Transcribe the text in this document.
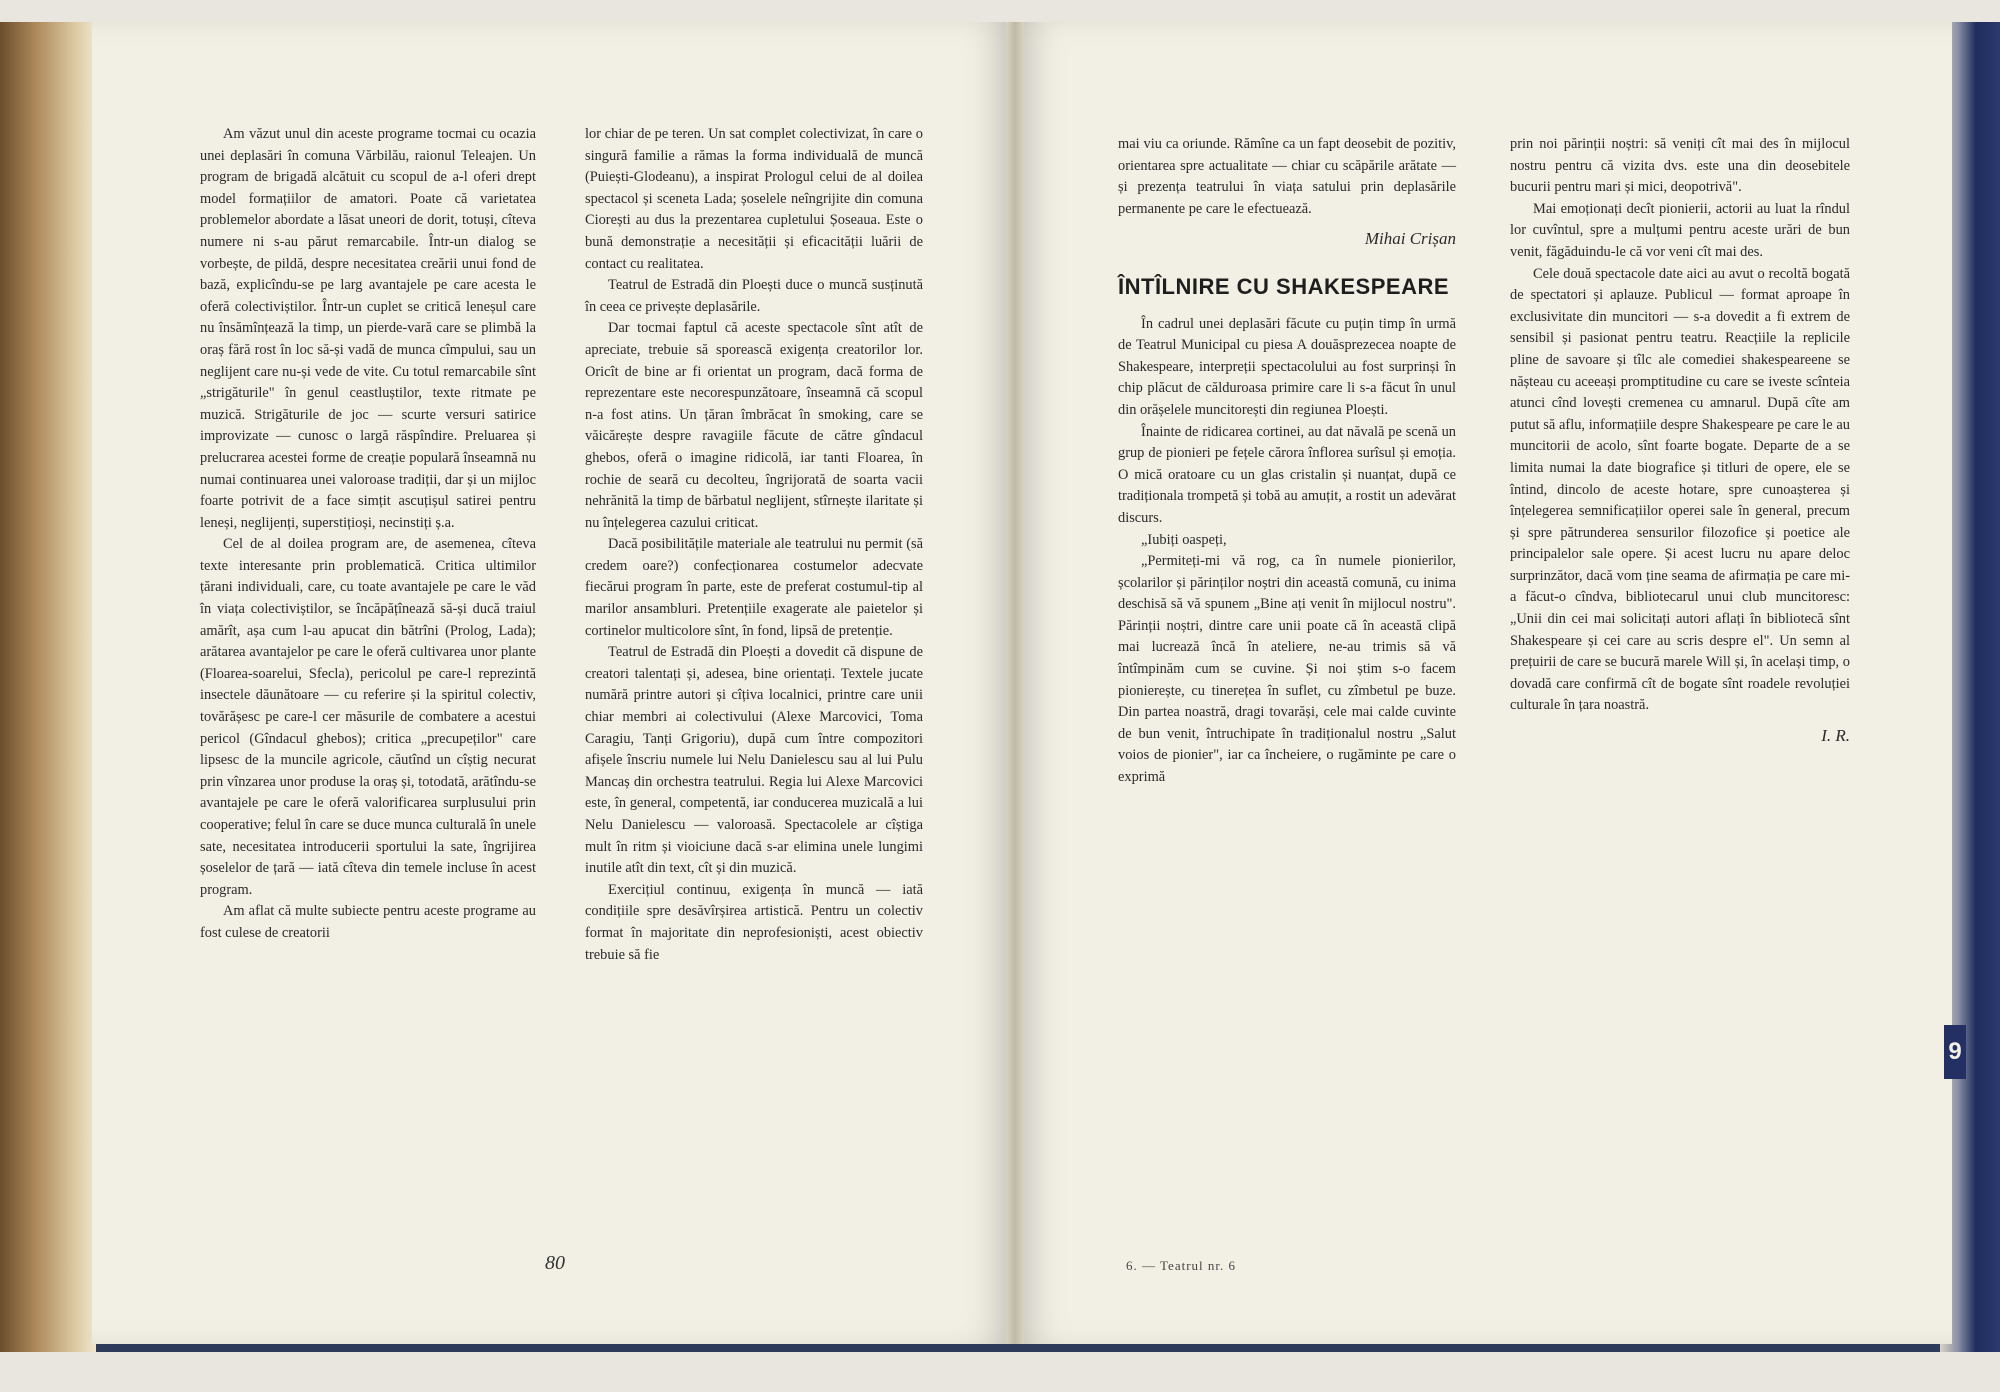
Am văzut unul din aceste programe tocmai cu ocazia unei deplasări în comuna Vărbilău, raionul Teleajen. Un program de brigadă alcătuit cu scopul de a-l oferi drept model formațiilor de amatori. Poate că varietatea problemelor abordate a lăsat uneori de dorit, totuși, cîteva numere ni s-au părut remarcabile. Într-un dialog se vorbește, de pildă, despre necesitatea creării unui fond de bază, explicîndu-se pe larg avantajele pe care acesta le oferă colectiviștilor. Într-un cuplet se critică leneșul care nu însămînțează la timp, un pierde-vară care se plimbă la oraș fără rost în loc să-și vadă de munca cîmpului, sau un neglijent care nu-și vede de vite. Cu totul remarcabile sînt „strigăturile" în genul ceastluștilor, texte ritmate pe muzică. Strigăturile de joc — scurte versuri satirice improvizate — cunosc o largă răspîndire. Preluarea și prelucrarea acestei forme de creație populară înseamnă nu numai continuarea unei valoroase tradiții, dar și un mijloc foarte potrivit de a face simțit ascuțișul satirei pentru leneși, neglijenți, superstițioși, necinstiți ș.a.

Cel de al doilea program are, de asemenea, cîteva texte interesante prin problematică. Critica ultimilor țărani individuali, care, cu toate avantajele pe care le văd în viața colectiviștilor, se încăpățînează să-și ducă traiul amărît, așa cum l-au apucat din bătrîni (Prolog, Lada); arătarea avantajelor pe care le oferă cultivarea unor plante (Floarea-soarelui, Sfecla), pericolul pe care-l reprezintă insectele dăunătoare — cu referire și la spiritul colectiv, tovărășesc pe care-l cer măsurile de combatere a acestui pericol (Gîndacul ghebos); critica „precupeților" care lipsesc de la muncile agricole, căutînd un cîștig necurat prin vînzarea unor produse la oraș și, totodată, arătîndu-se avantajele pe care le oferă valorificarea surplusului prin cooperative; felul în care se duce munca culturală în unele sate, necesitatea introducerii sportului la sate, îngrijirea șoselelor de țară — iată cîteva din temele incluse în acest program.

Am aflat că multe subiecte pentru aceste programe au fost culese de creatorii

lor chiar de pe teren. Un sat complet colectivizat, în care o singură familie a rămas la forma individuală de muncă (Puiești-Glodeanu), a inspirat Prologul celui de al doilea spectacol și sceneta Lada; șoselele neîngrijite din comuna Ciorești au dus la prezentarea cupletului Șoseaua. Este o bună demonstrație a necesității și eficacității luării de contact cu realitatea.

Teatrul de Estradă din Ploești duce o muncă susținută în ceea ce privește deplasările.

Dar tocmai faptul că aceste spectacole sînt atît de apreciate, trebuie să sporească exigența creatorilor lor. Oricît de bine ar fi orientat un program, dacă forma de reprezentare este necorespunzătoare, înseamnă că scopul n-a fost atins. Un țăran îmbrăcat în smoking, care se văicărește despre ravagiile făcute de către gîndacul ghebos, oferă o imagine ridicolă, iar tanti Floarea, în rochie de seară cu decolteu, îngrijorată de soarta vacii nehrănită la timp de bărbatul neglijent, stîrnește ilaritate și nu înțelegerea cazului criticat.

Dacă posibilitățile materiale ale teatrului nu permit (să credem oare?) confecționarea costumelor adecvate fiecărui program în parte, este de preferat costumul-tip al marilor ansambluri. Pretențiile exagerate ale paietelor și cortinelor multicolore sînt, în fond, lipsă de pretenție.

Teatrul de Estradă din Ploești a dovedit că dispune de creatori talentați și, adesea, bine orientați. Textele jucate numără printre autori și cîțiva localnici, printre care unii chiar membri ai colectivului (Alexe Marcovici, Toma Caragiu, Tanți Grigoriu), după cum între compozitori afișele înscriu numele lui Nelu Danielescu sau al lui Pulu Mancaș din orchestra teatrului. Regia lui Alexe Marcovici este, în general, competentă, iar conducerea muzicală a lui Nelu Danielescu — valoroasă. Spectacolele ar cîștiga mult în ritm și vioiciune dacă s-ar elimina unele lungimi inutile atît din text, cît și din muzică.

Exercițiul continuu, exigența în muncă — iată condițiile spre desăvîrșirea artistică. Pentru un colectiv format în majoritate din neprofesioniști, acest obiectiv trebuie să fie

80

mai viu ca oriunde. Rămîne ca un fapt deosebit de pozitiv, orientarea spre actualitate — chiar cu scăpările arătate — și prezența teatrului în viața satului prin deplasările permanente pe care le efectuează.

Mihai Crișan
ÎNTÎLNIRE CU SHAKESPEARE

În cadrul unei deplasări făcute cu puțin timp în urmă de Teatrul Municipal cu piesa A douăsprezecea noapte de Shakespeare, interpreții spectacolului au fost surprinși în chip plăcut de călduroasa primire care li s-a făcut în unul din orășelele muncitorești din regiunea Ploești.

Înainte de ridicarea cortinei, au dat năvală pe scenă un grup de pionieri pe fețele cărora înflorea surîsul și emoția. O mică oratoare cu un glas cristalin și nuanțat, după ce tradiționala trompetă și tobă au amuțit, a rostit un adevărat discurs.

„Iubiți oaspeți,

„Permiteți-mi vă rog, ca în numele pionierilor, școlarilor și părinților noștri din această comună, cu inima deschisă să vă spunem „Bine ați venit în mijlocul nostru". Părinții noștri, dintre care unii poate că în această clipă mai lucrează încă în ateliere, ne-au trimis să vă întîmpinăm cum se cuvine. Și noi știm s-o facem pionierește, cu tinerețea în suflet, cu zîmbetul pe buze. Din partea noastră, dragi tovarăși, cele mai calde cuvinte de bun venit, întruchipate în tradiționalul nostru „Salut voios de pionier", iar ca încheiere, o rugăminte pe care o exprimă

prin noi părinții noștri: să veniți cît mai des în mijlocul nostru pentru că vizita dvs. este una din deosebitele bucurii pentru mari și mici, deopotrivă".

Mai emoționați decît pionierii, actorii au luat la rîndul lor cuvîntul, spre a mulțumi pentru aceste urări de bun venit, făgăduindu-le că vor veni cît mai des.

Cele două spectacole date aici au avut o recoltă bogată de spectatori și aplauze. Publicul — format aproape în exclusivitate din muncitori — s-a dovedit a fi extrem de sensibil și pasionat pentru teatru. Reacțiile la replicile pline de savoare și tîlc ale comediei shakespeareene se nășteau cu aceeași promptitudine cu care se iveste scînteia atunci cînd lovești cremenea cu amnarul. După cîte am putut să aflu, informațiile despre Shakespeare pe care le au muncitorii de acolo, sînt foarte bogate. Departe de a se limita numai la date biografice și titluri de opere, ele se întind, dincolo de aceste hotare, spre cunoașterea și înțelegerea semnificațiilor operei sale în general, precum și spre pătrunderea sensurilor filozofice și poetice ale principalelor sale opere. Și acest lucru nu apare deloc surprinzător, dacă vom ține seama de afirmația pe care mi-a făcut-o cîndva, bibliotecarul unui club muncitoresc: „Unii din cei mai solicitați autori aflați în bibliotecă sînt Shakespeare și cei care au scris despre el". Un semn al prețuirii de care se bucură marele Will și, în același timp, o dovadă care confirmă cît de bogate sînt roadele revoluției culturale în țara noastră.

I. R.
6. — Teatrul nr. 6
9
